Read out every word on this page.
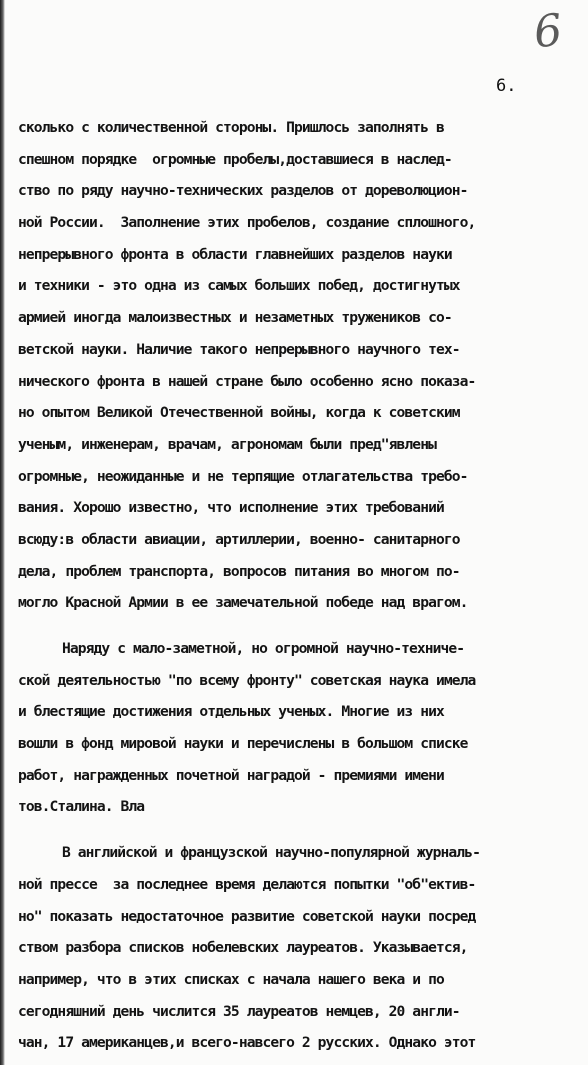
6
6.
сколько с количественной стороны. Пришлось заполнять в
спешном порядке  огромные пробелы,доставшиеся в наслед-
ство по ряду научно-технических разделов от дореволюцион-
ной России.  Заполнение этих пробелов, создание сплошного,
непрерывного фронта в области главнейших разделов науки
и техники - это одна из самых больших побед, достигнутых
армией иногда малоизвестных и незаметных тружеников со-
ветской науки. Наличие такого непрерывного научного тех-
нического фронта в нашей стране было особенно ясно показа-
но опытом Великой Отечественной войны, когда к советским
ученым, инженерам, врачам, агрономам были пред"явлены
огромные, неожиданные и не терпящие отлагательства требо-
вания. Хорошо известно, что исполнение этих требований
всюду:в области авиации, артиллерии, военно- санитарного
дела, проблем транспорта, вопросов питания во многом по-
могло Красной Армии в ее замечательной победе над врагом.
Наряду с мало-заметной, но огромной научно-техниче-
ской деятельностью "по всему фронту" советская наука имела
и блестящие достижения отдельных ученых. Многие из них
вошли в фонд мировой науки и перечислены в большом списке
работ, награжденных почетной наградой - премиями имени
тов.Сталина. Вла
В английской и французской научно-популярной журналь-
ной прессе  за последнее время делаются попытки "об"ектив-
но" показать недостаточное развитие советской науки посред
ством разбора списков нобелевских лауреатов. Указывается,
например, что в этих списках с начала нашего века и по
сегодняшний день числится 35 лауреатов немцев, 20 англи-
чан, 17 американцев,и всего-навсего 2 русских. Однако этот
